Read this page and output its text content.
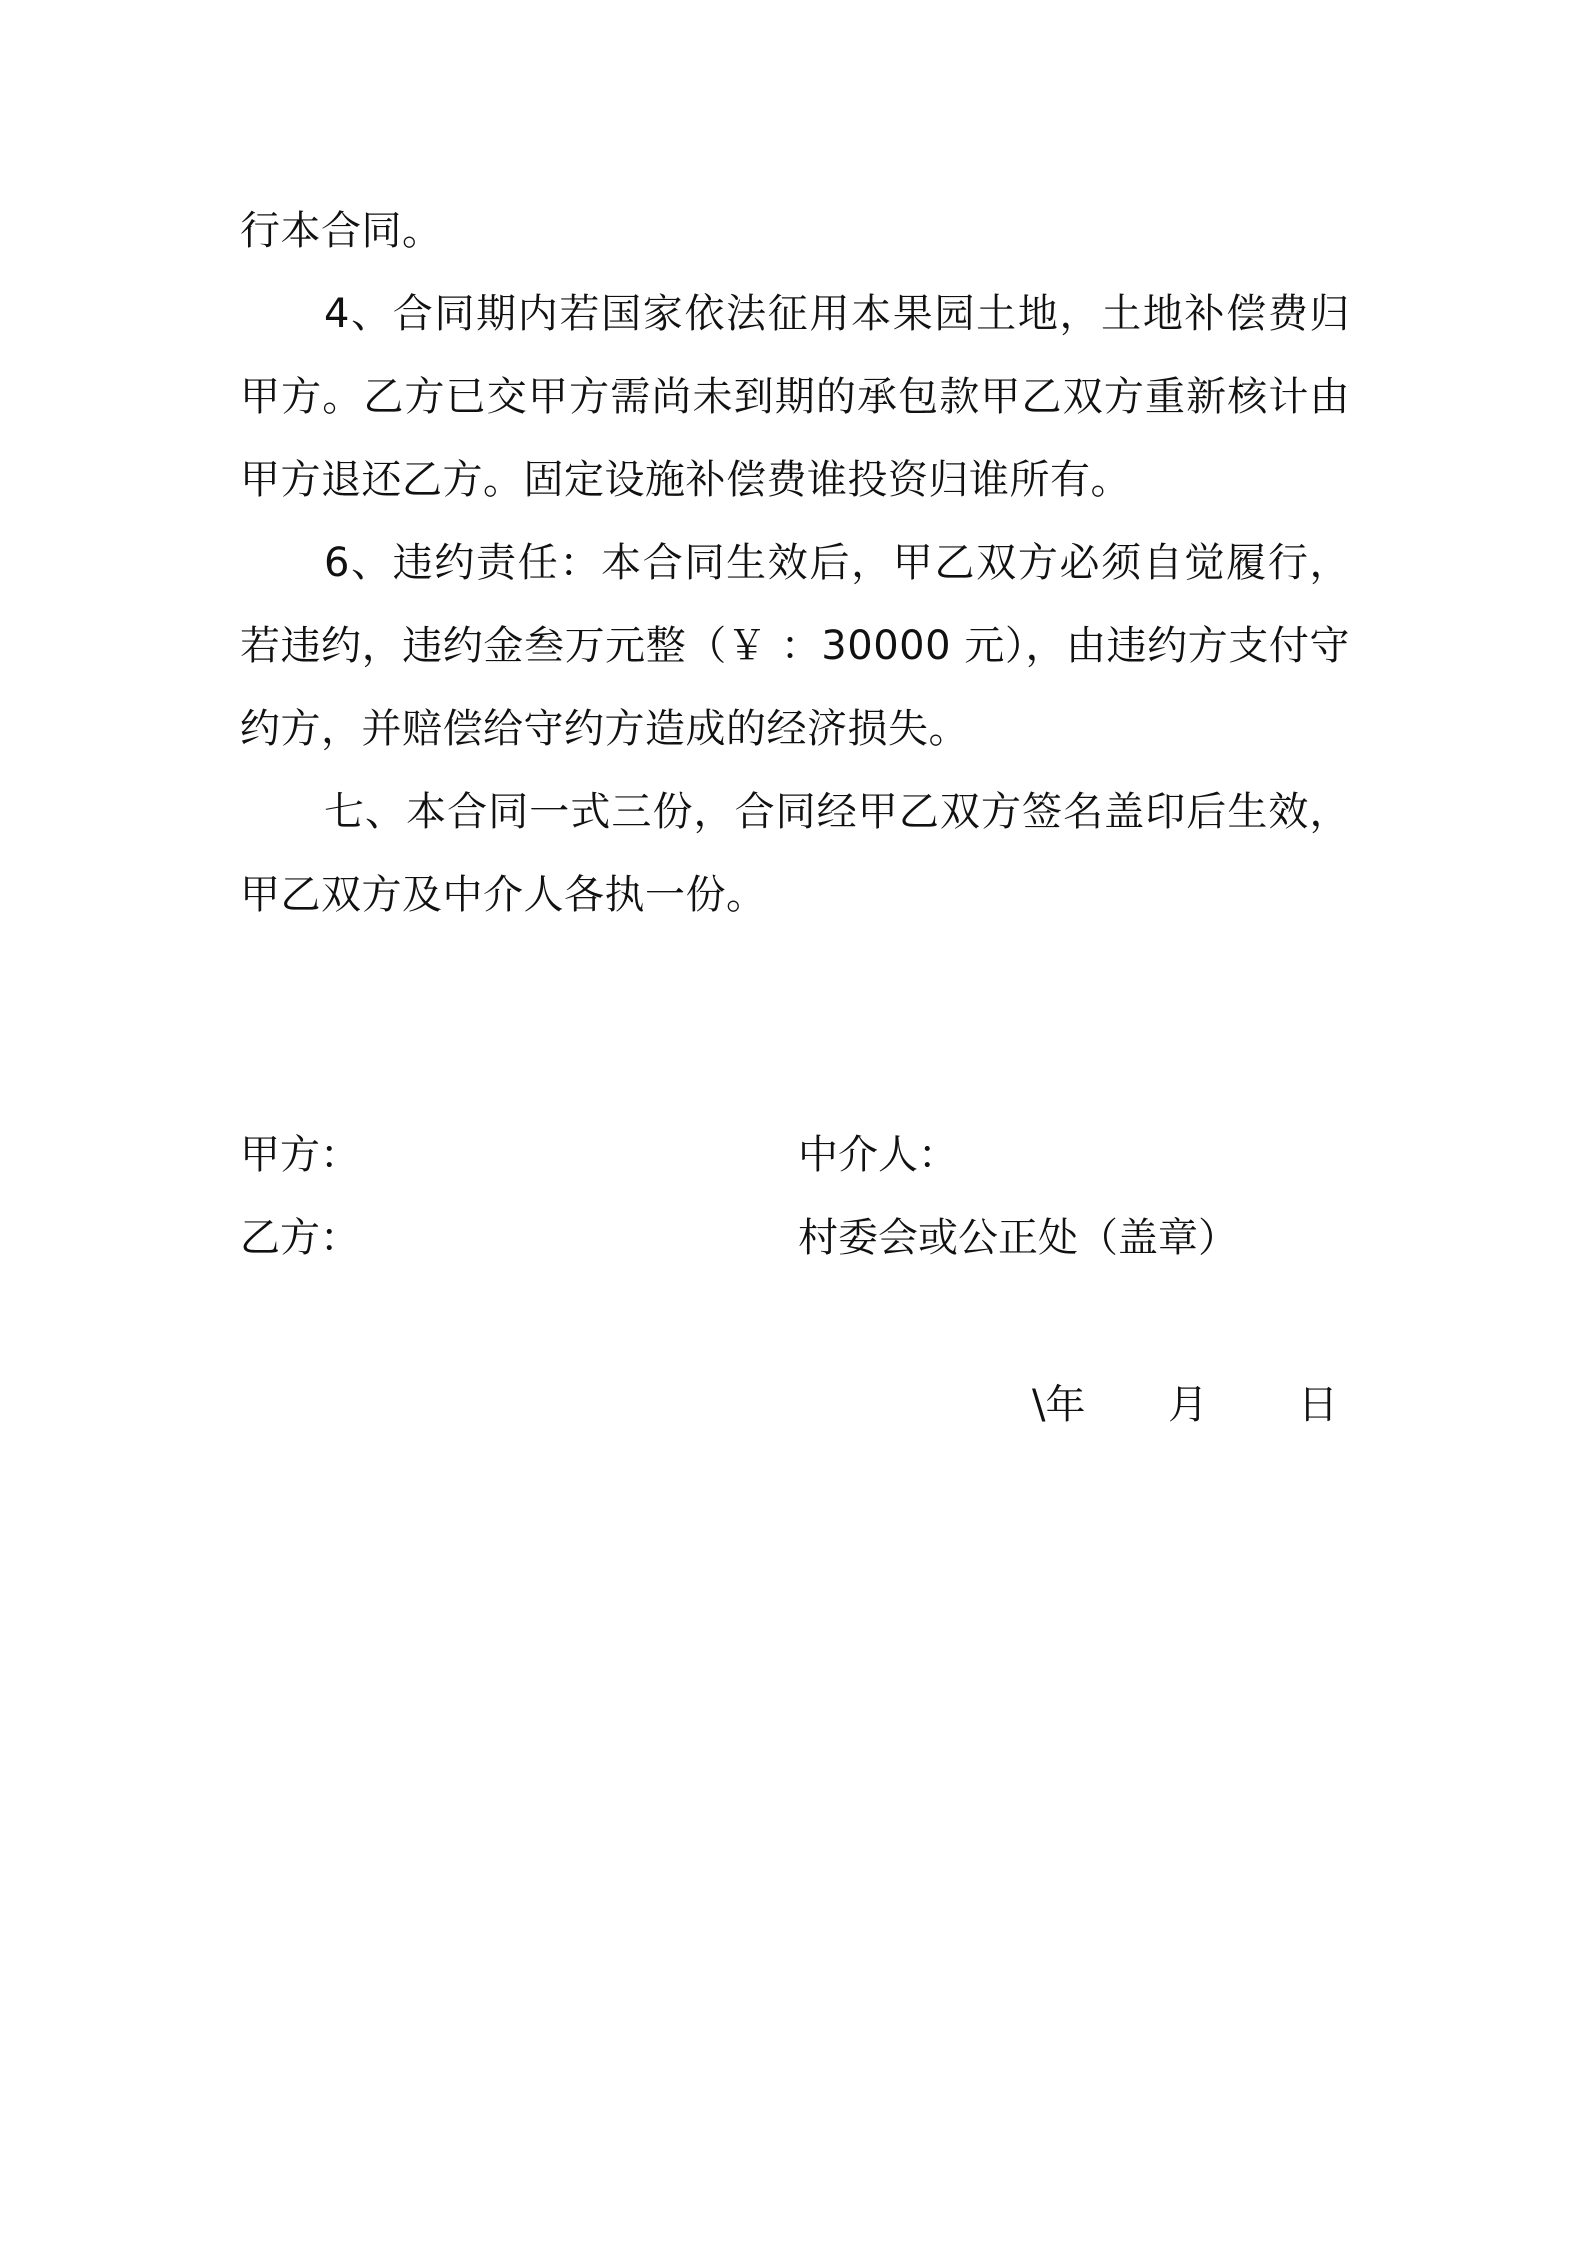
行本合同。

4、合同期内若国家依法征用本果园土地，土地补偿费归甲方。乙方已交甲方需尚未到期的承包款甲乙双方重新核计由甲方退还乙方。固定设施补偿费谁投资归谁所有。

6、违约责任：本合同生效后，甲乙双方必须自觉履行，若违约，违约金叁万元整（￥ ：30000 元），由违约方支付守约方，并赔偿给守约方造成的经济损失。

七、本合同一式三份，合同经甲乙双方签名盖印后生效，甲乙双方及中介人各执一份。

甲方：	中介人：
乙方：	村委会或公正处（盖章）
\年 月 日
